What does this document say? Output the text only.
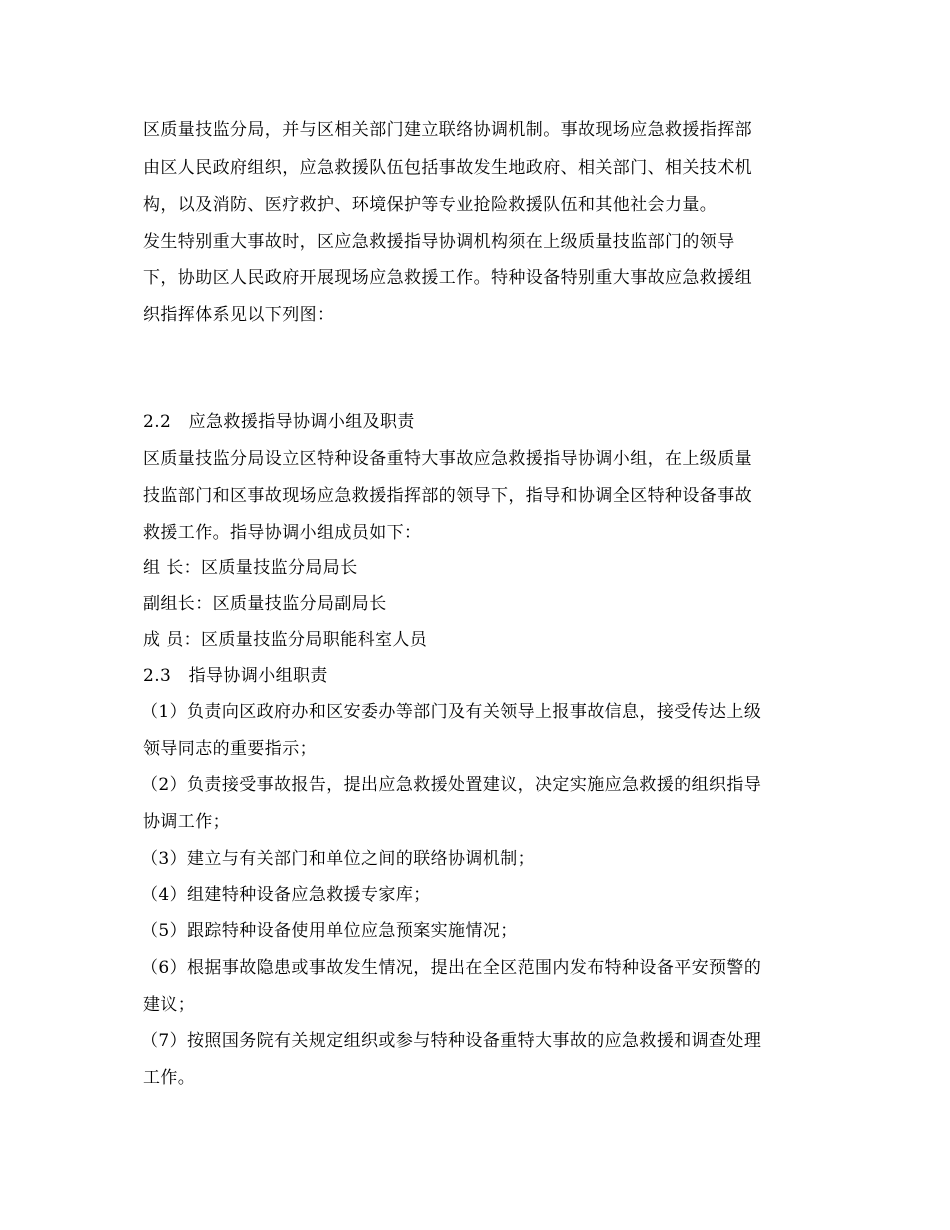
区质量技监分局，并与区相关部门建立联络协调机制。事故现场应急救援指挥部
由区人民政府组织，应急救援队伍包括事故发生地政府、相关部门、相关技术机
构，以及消防、医疗救护、环境保护等专业抢险救援队伍和其他社会力量。
发生特别重大事故时，区应急救援指导协调机构须在上级质量技监部门的领导
下，协助区人民政府开展现场应急救援工作。特种设备特别重大事故应急救援组
织指挥体系见以下列图：
2.2　应急救援指导协调小组及职责
区质量技监分局设立区特种设备重特大事故应急救援指导协调小组，在上级质量
技监部门和区事故现场应急救援指挥部的领导下，指导和协调全区特种设备事故
救援工作。指导协调小组成员如下：
组 长：区质量技监分局局长
副组长：区质量技监分局副局长
成 员：区质量技监分局职能科室人员
2.3　指导协调小组职责
（1）负责向区政府办和区安委办等部门及有关领导上报事故信息，接受传达上级
领导同志的重要指示；
（2）负责接受事故报告，提出应急救援处置建议，决定实施应急救援的组织指导
协调工作；
（3）建立与有关部门和单位之间的联络协调机制；
（4）组建特种设备应急救援专家库；
（5）跟踪特种设备使用单位应急预案实施情况；
（6）根据事故隐患或事故发生情况，提出在全区范围内发布特种设备平安预警的
建议；
（7）按照国务院有关规定组织或参与特种设备重特大事故的应急救援和调查处理
工作。
